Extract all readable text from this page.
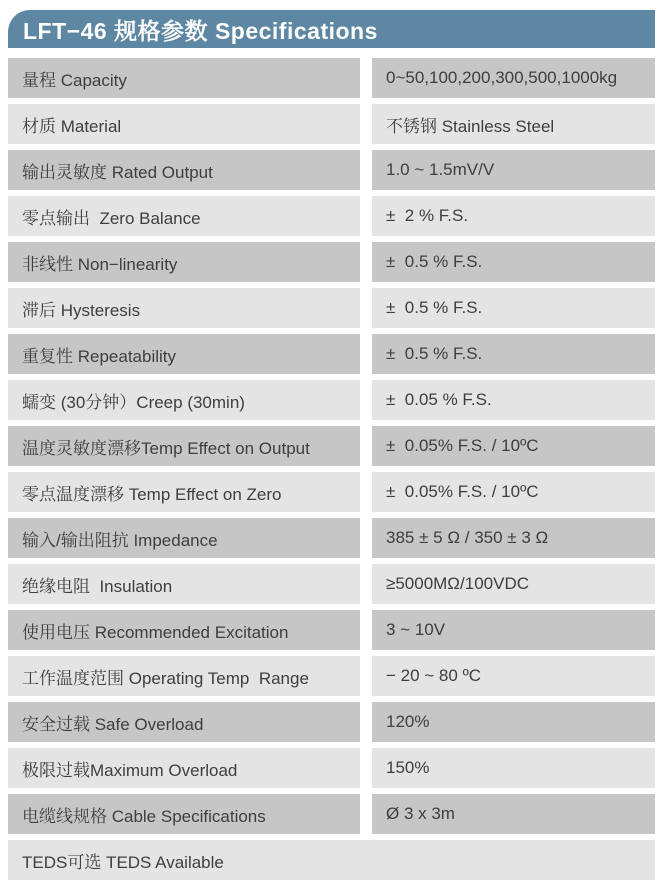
LFT−46 规格参数 Specifications
量程 Capacity	0~50,100,200,300,500,1000kg
材质 Material	不锈钢 Stainless Steel
输出灵敏度 Rated Output	1.0 ~ 1.5mV/V
零点输出  Zero Balance	±  2 % F.S.
非线性 Non−linearity	±  0.5 % F.S.
滞后 Hysteresis	±  0.5 % F.S.
重复性 Repeatability	±  0.5 % F.S.
蠕变 (30分钟）Creep (30min)	±  0.05 % F.S.
温度灵敏度漂移Temp Effect on Output	±  0.05% F.S. / 10ºC
零点温度漂移 Temp Effect on Zero	±  0.05% F.S. / 10ºC
输入/输出阻抗 Impedance	385 ± 5 Ω / 350 ± 3 Ω
绝缘电阻  Insulation	≥5000MΩ/100VDC
使用电压 Recommended Excitation	3 ~ 10V
工作温度范围 Operating Temp  Range	− 20 ~ 80 ºC
安全过载 Safe Overload	120%
极限过载Maximum Overload	150%
电缆线规格 Cable Specifications	Ø 3 x 3m
TEDS可选 TEDS Available
